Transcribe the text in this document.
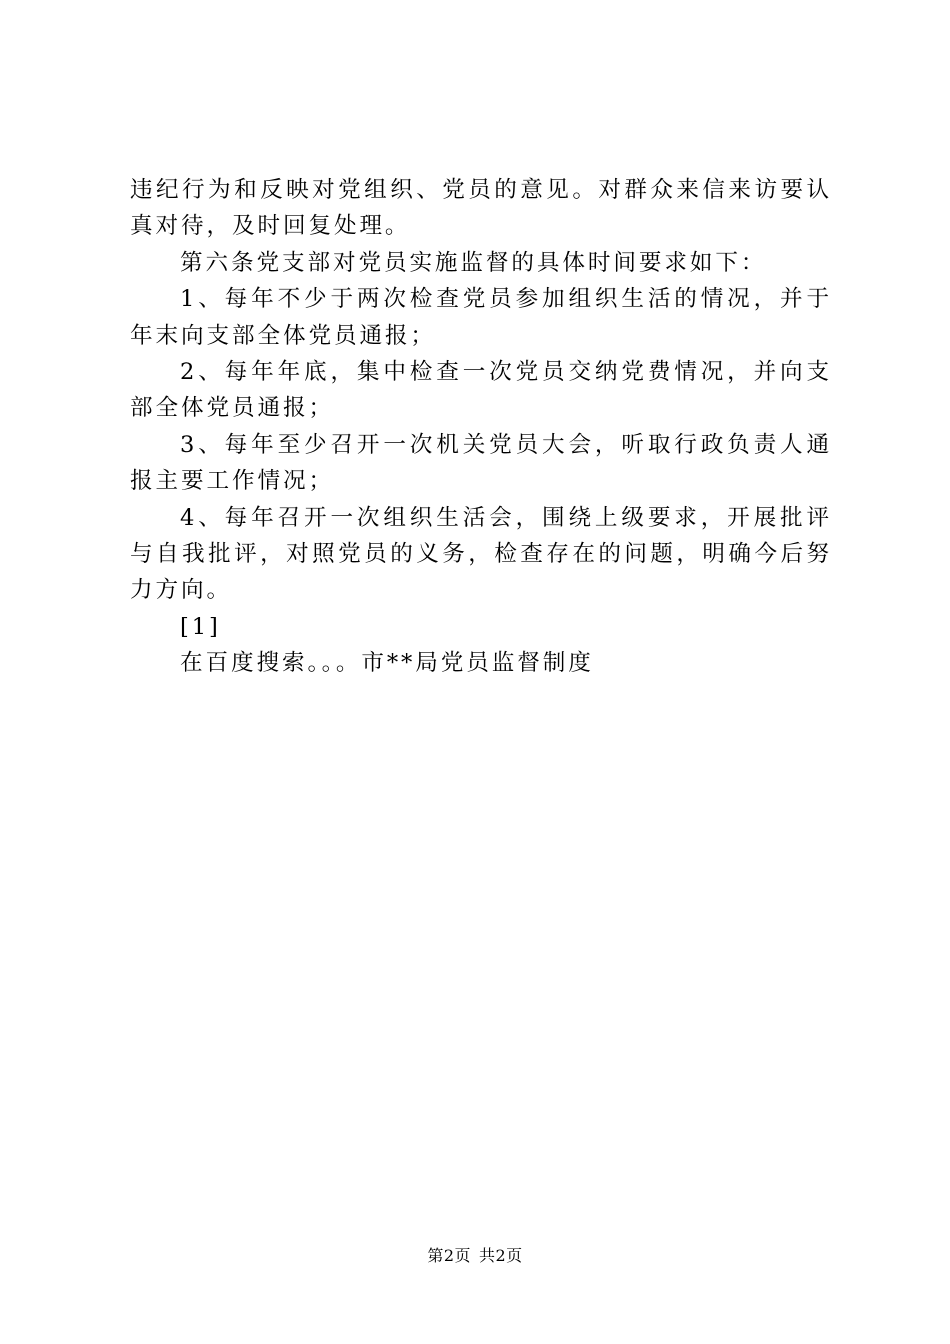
违纪行为和反映对党组织、党员的意见。对群众来信来访要认真对待，及时回复处理。

第六条党支部对党员实施监督的具体时间要求如下：

1、每年不少于两次检查党员参加组织生活的情况，并于年末向支部全体党员通报；

2、每年年底，集中检查一次党员交纳党费情况，并向支部全体党员通报；

3、每年至少召开一次机关党员大会，听取行政负责人通报主要工作情况；

4、每年召开一次组织生活会，围绕上级要求，开展批评与自我批评，对照党员的义务，检查存在的问题，明确今后努力方向。

[1]

在百度搜索。。。市**局党员监督制度

第2页 共2页
